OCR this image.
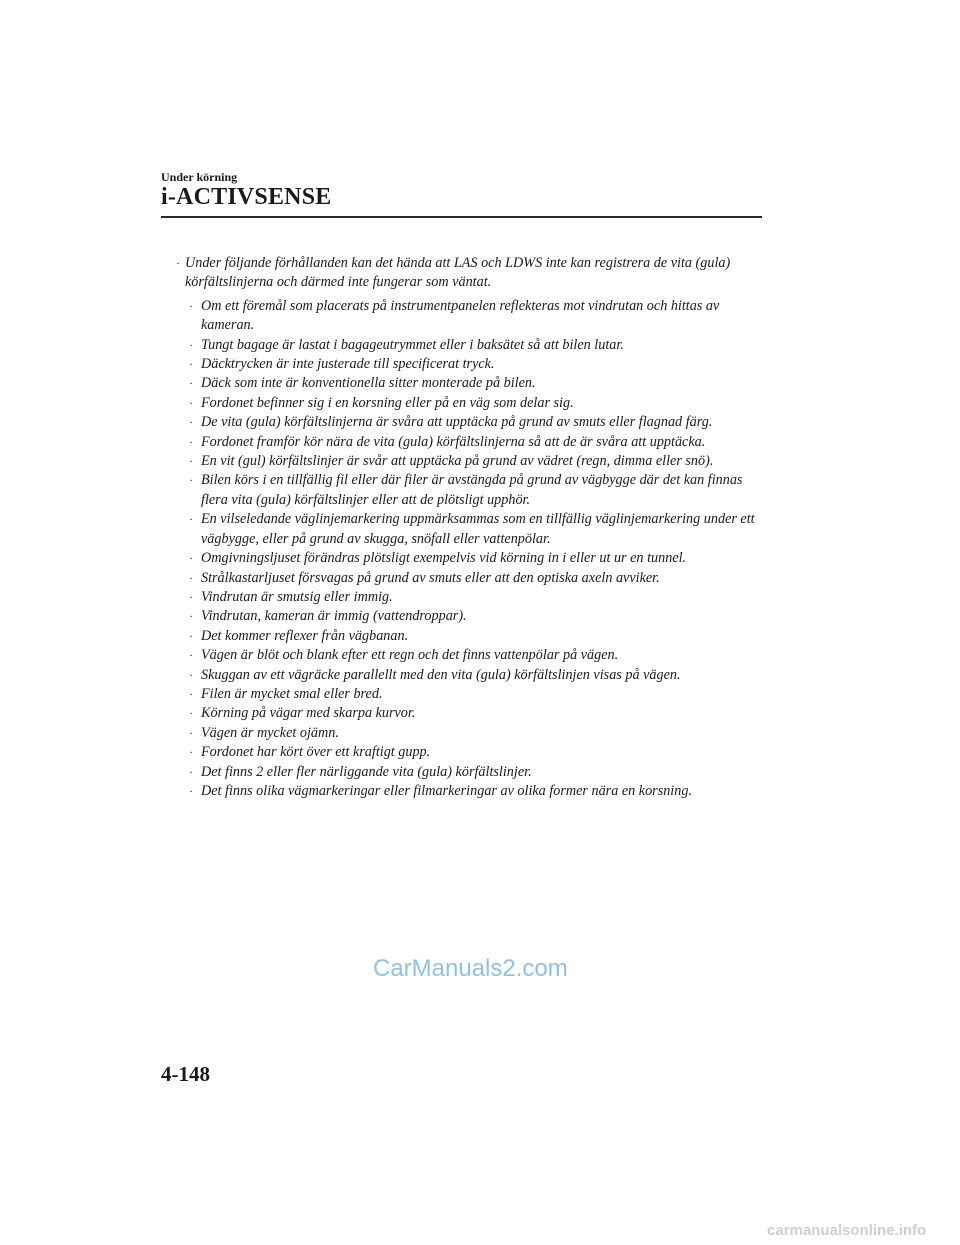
Under körning

i-ACTIVSENSE

· Under följande förhållanden kan det hända att LAS och LDWS inte kan registrera de vita (gula) körfältslinjerna och därmed inte fungerar som väntat.

· Om ett föremål som placerats på instrumentpanelen reflekteras mot vindrutan och hittas av kameran.
· Tungt bagage är lastat i bagageutrymmet eller i baksätet så att bilen lutar.
· Däcktrycken är inte justerade till specificerat tryck.
· Däck som inte är konventionella sitter monterade på bilen.
· Fordonet befinner sig i en korsning eller på en väg som delar sig.
· De vita (gula) körfältslinjerna är svåra att upptäcka på grund av smuts eller flagnad färg.
· Fordonet framför kör nära de vita (gula) körfältslinjerna så att de är svåra att upptäcka.
· En vit (gul) körfältslinjer är svår att upptäcka på grund av vädret (regn, dimma eller snö).
· Bilen körs i en tillfällig fil eller där filer är avstängda på grund av vägbygge där det kan finnas flera vita (gula) körfältslinjer eller att de plötsligt upphör.
· En vilseledande väglinjemarkering uppmärksammas som en tillfällig väglinjemarkering under ett vägbygge, eller på grund av skugga, snöfall eller vattenpölar.
· Omgivningsljuset förändras plötsligt exempelvis vid körning in i eller ut ur en tunnel.
· Strålkastarljuset försvagas på grund av smuts eller att den optiska axeln avviker.
· Vindrutan är smutsig eller immig.
· Vindrutan, kameran är immig (vattendroppar).
· Det kommer reflexer från vägbanan.
· Vägen är blöt och blank efter ett regn och det finns vattenpölar på vägen.
· Skuggan av ett vägräcke parallellt med den vita (gula) körfältslinjen visas på vägen.
· Filen är mycket smal eller bred.
· Körning på vägar med skarpa kurvor.
· Vägen är mycket ojämn.
· Fordonet har kört över ett kraftigt gupp.
· Det finns 2 eller fler närliggande vita (gula) körfältslinjer.
· Det finns olika vägmarkeringar eller filmarkeringar av olika former nära en korsning.

CarManuals2.com

4-148

carmanualsonline.info
